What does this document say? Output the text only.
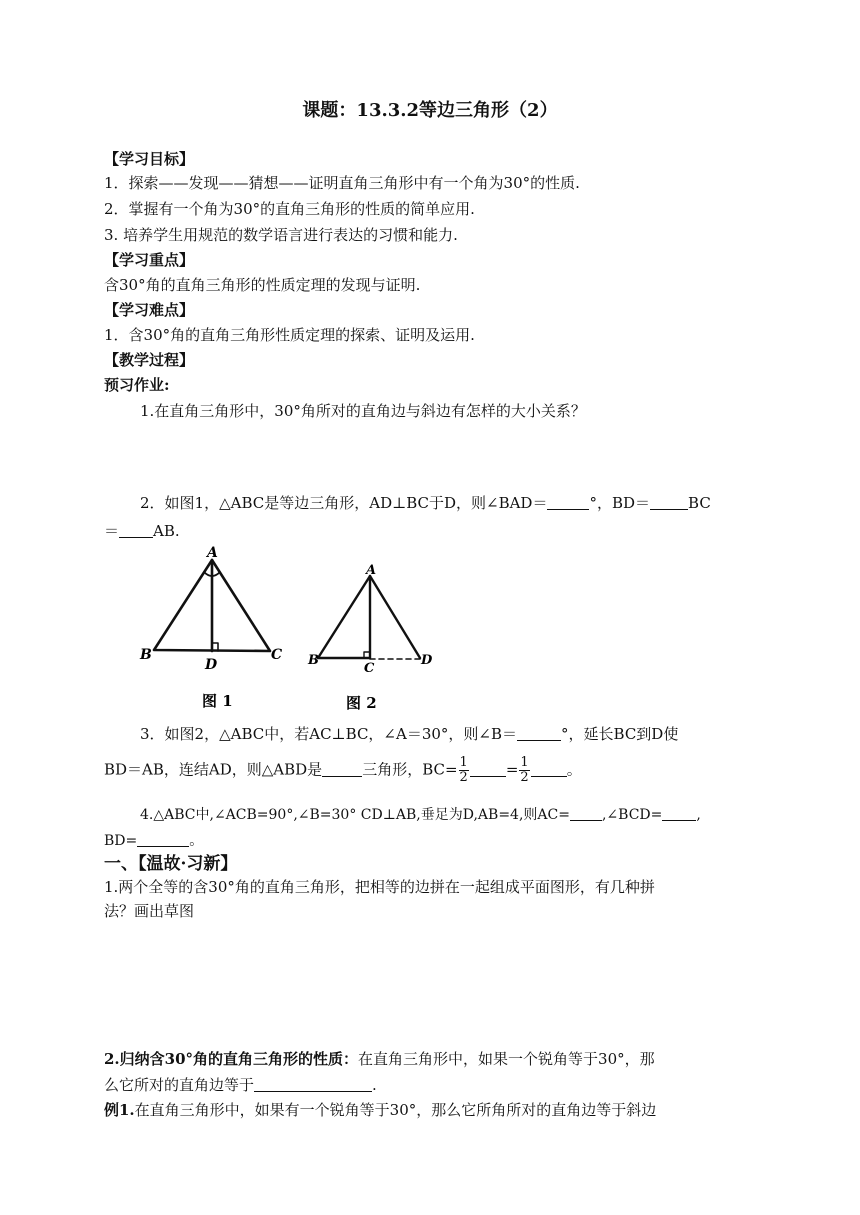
课题：13.3.2等边三角形（2）
【学习目标】
1．探索——发现——猜想——证明直角三角形中有一个角为30°的性质.
2．掌握有一个角为30°的直角三角形的性质的简单应用.
3. 培养学生用规范的数学语言进行表达的习惯和能力.
【学习重点】
含30°角的直角三角形的性质定理的发现与证明.
【学习难点】
1．含30°角的直角三角形性质定理的探索、证明及运用.
【教学过程】
预习作业:
1.在直角三角形中，30°角所对的直角边与斜边有怎样的大小关系？
2．如图1，△ABC是等边三角形，AD⊥BC于D，则∠BAD＝	°，BD＝	BC
＝ AB.
A
B	C
D
图 1
A
B
C
D
图 2
3．如图2，△ABC中，若AC⊥BC，∠A＝30°，则∠B＝	°，延长BC到D使
BD＝AB，连结AD，则△ABD是	三角形，$BC= \frac{1}{2} = \frac{1}{2}$ 。
4.△ABC中,∠ACB=90°,∠B=30° CD⊥AB,垂足为D,AB=4,则AC= ,∠BCD= ,
BD=	。
一、【温故·习新】
1.两个全等的含30°角的直角三角形，把相等的边拼在一起组成平面图形，有几种拼
法？画出草图
2.归纳含30°角的直角三角形的性质：在直角三角形中，如果一个锐角等于30°，那
么它所对的直角边等于	.
例1.在直角三角形中，如果有一个锐角等于30°，那么它所角所对的直角边等于斜边
